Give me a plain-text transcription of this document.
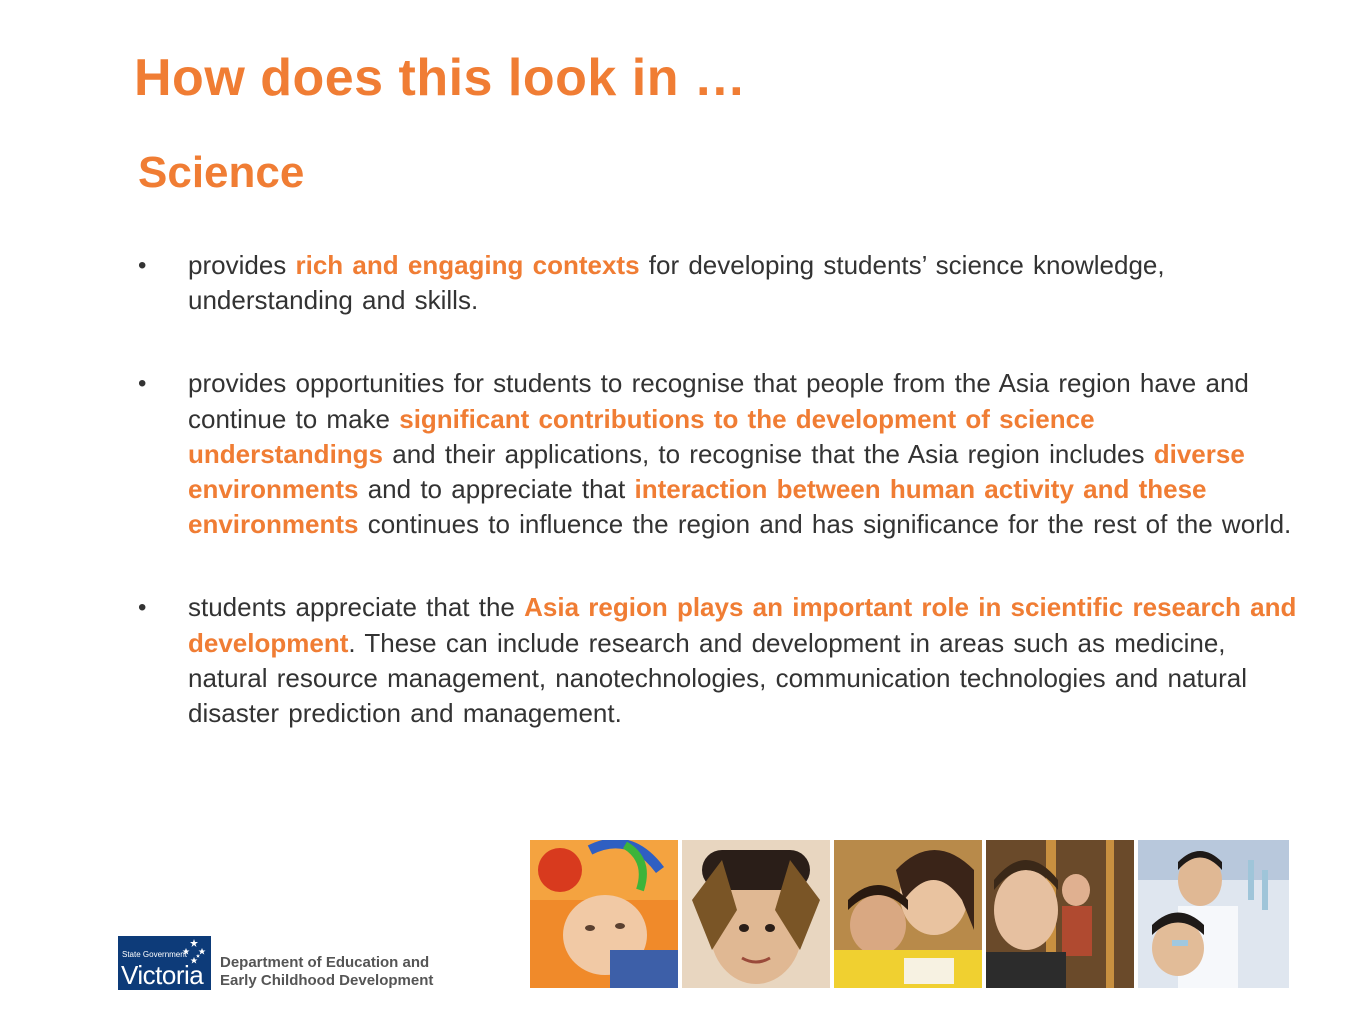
How does this look in …
Science
• provides rich and engaging contexts for developing students’ science knowledge, understanding and skills.
• provides opportunities for students to recognise that people from the Asia region have and continue to make significant contributions to the development of science understandings and their applications, to recognise that the Asia region includes diverse environments and to appreciate that interaction between human activity and these environments continues to influence the region and has significance for the rest of the world.
• students appreciate that the Asia region plays an important role in scientific research and development. These can include research and development in areas such as medicine, natural resource management, nanotechnologies, communication technologies and natural disaster prediction and management.
State Government
Victoria Department of Education and
Early Childhood Development
